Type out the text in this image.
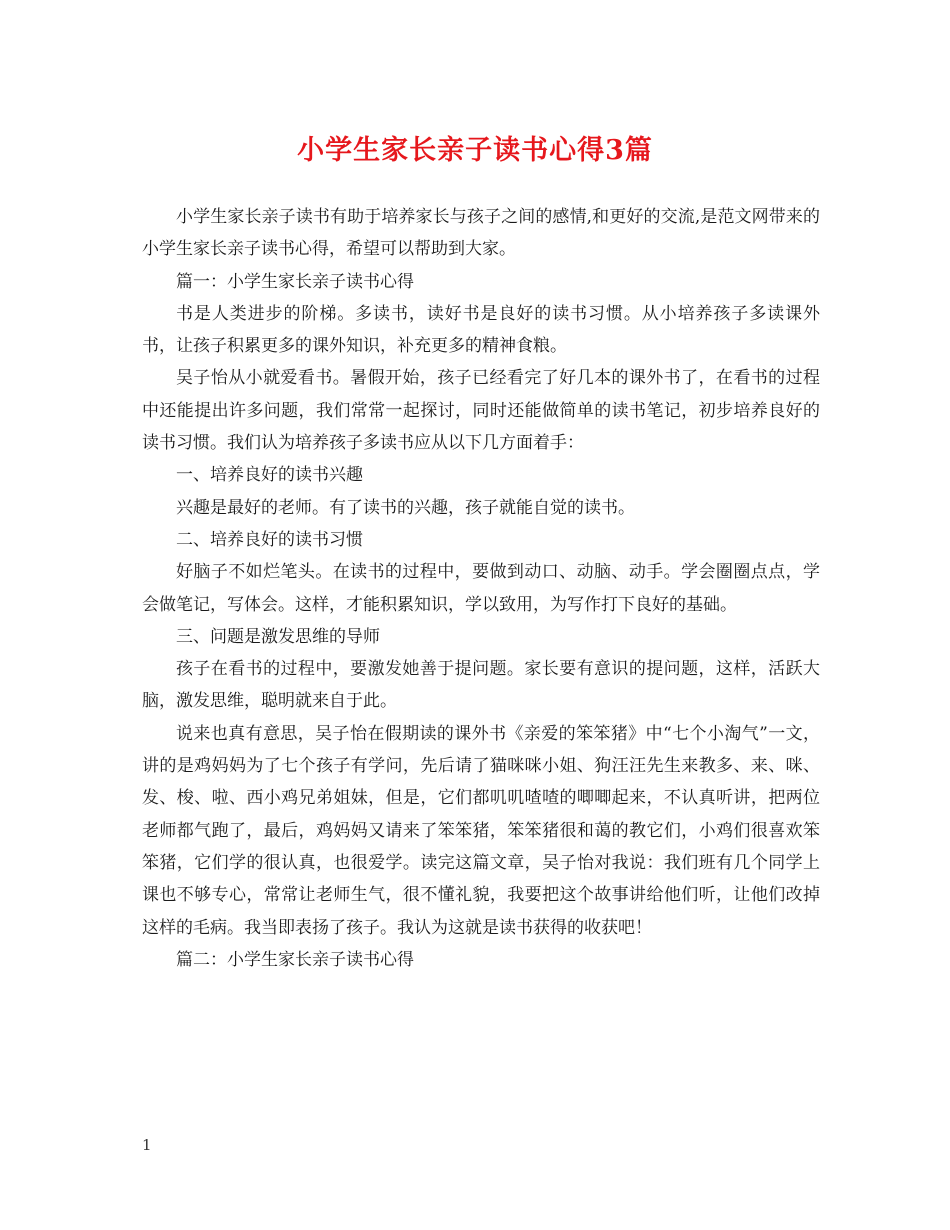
小学生家长亲子读书心得3篇

小学生家长亲子读书有助于培养家长与孩子之间的感情,和更好的交流,是范文网带来的小学生家长亲子读书心得，希望可以帮助到大家。

篇一：小学生家长亲子读书心得

书是人类进步的阶梯。多读书，读好书是良好的读书习惯。从小培养孩子多读课外书，让孩子积累更多的课外知识，补充更多的精神食粮。

吴子怡从小就爱看书。暑假开始，孩子已经看完了好几本的课外书了，在看书的过程中还能提出许多问题，我们常常一起探讨，同时还能做简单的读书笔记，初步培养良好的读书习惯。我们认为培养孩子多读书应从以下几方面着手：

一、培养良好的读书兴趣

兴趣是最好的老师。有了读书的兴趣，孩子就能自觉的读书。

二、培养良好的读书习惯

好脑子不如烂笔头。在读书的过程中，要做到动口、动脑、动手。学会圈圈点点，学会做笔记，写体会。这样，才能积累知识，学以致用，为写作打下良好的基础。

三、问题是激发思维的导师

孩子在看书的过程中，要激发她善于提问题。家长要有意识的提问题，这样，活跃大脑，激发思维，聪明就来自于此。

说来也真有意思，吴子怡在假期读的课外书《亲爱的笨笨猪》中“七个小淘气”一文，讲的是鸡妈妈为了七个孩子有学问，先后请了猫咪咪小姐、狗汪汪先生来教多、来、咪、发、梭、啦、西小鸡兄弟姐妹，但是，它们都叽叽喳喳的唧唧起来，不认真听讲，把两位老师都气跑了，最后，鸡妈妈又请来了笨笨猪，笨笨猪很和蔼的教它们，小鸡们很喜欢笨笨猪，它们学的很认真，也很爱学。读完这篇文章，吴子怡对我说：我们班有几个同学上课也不够专心，常常让老师生气，很不懂礼貌，我要把这个故事讲给他们听，让他们改掉这样的毛病。我当即表扬了孩子。我认为这就是读书获得的收获吧！

篇二：小学生家长亲子读书心得

1
